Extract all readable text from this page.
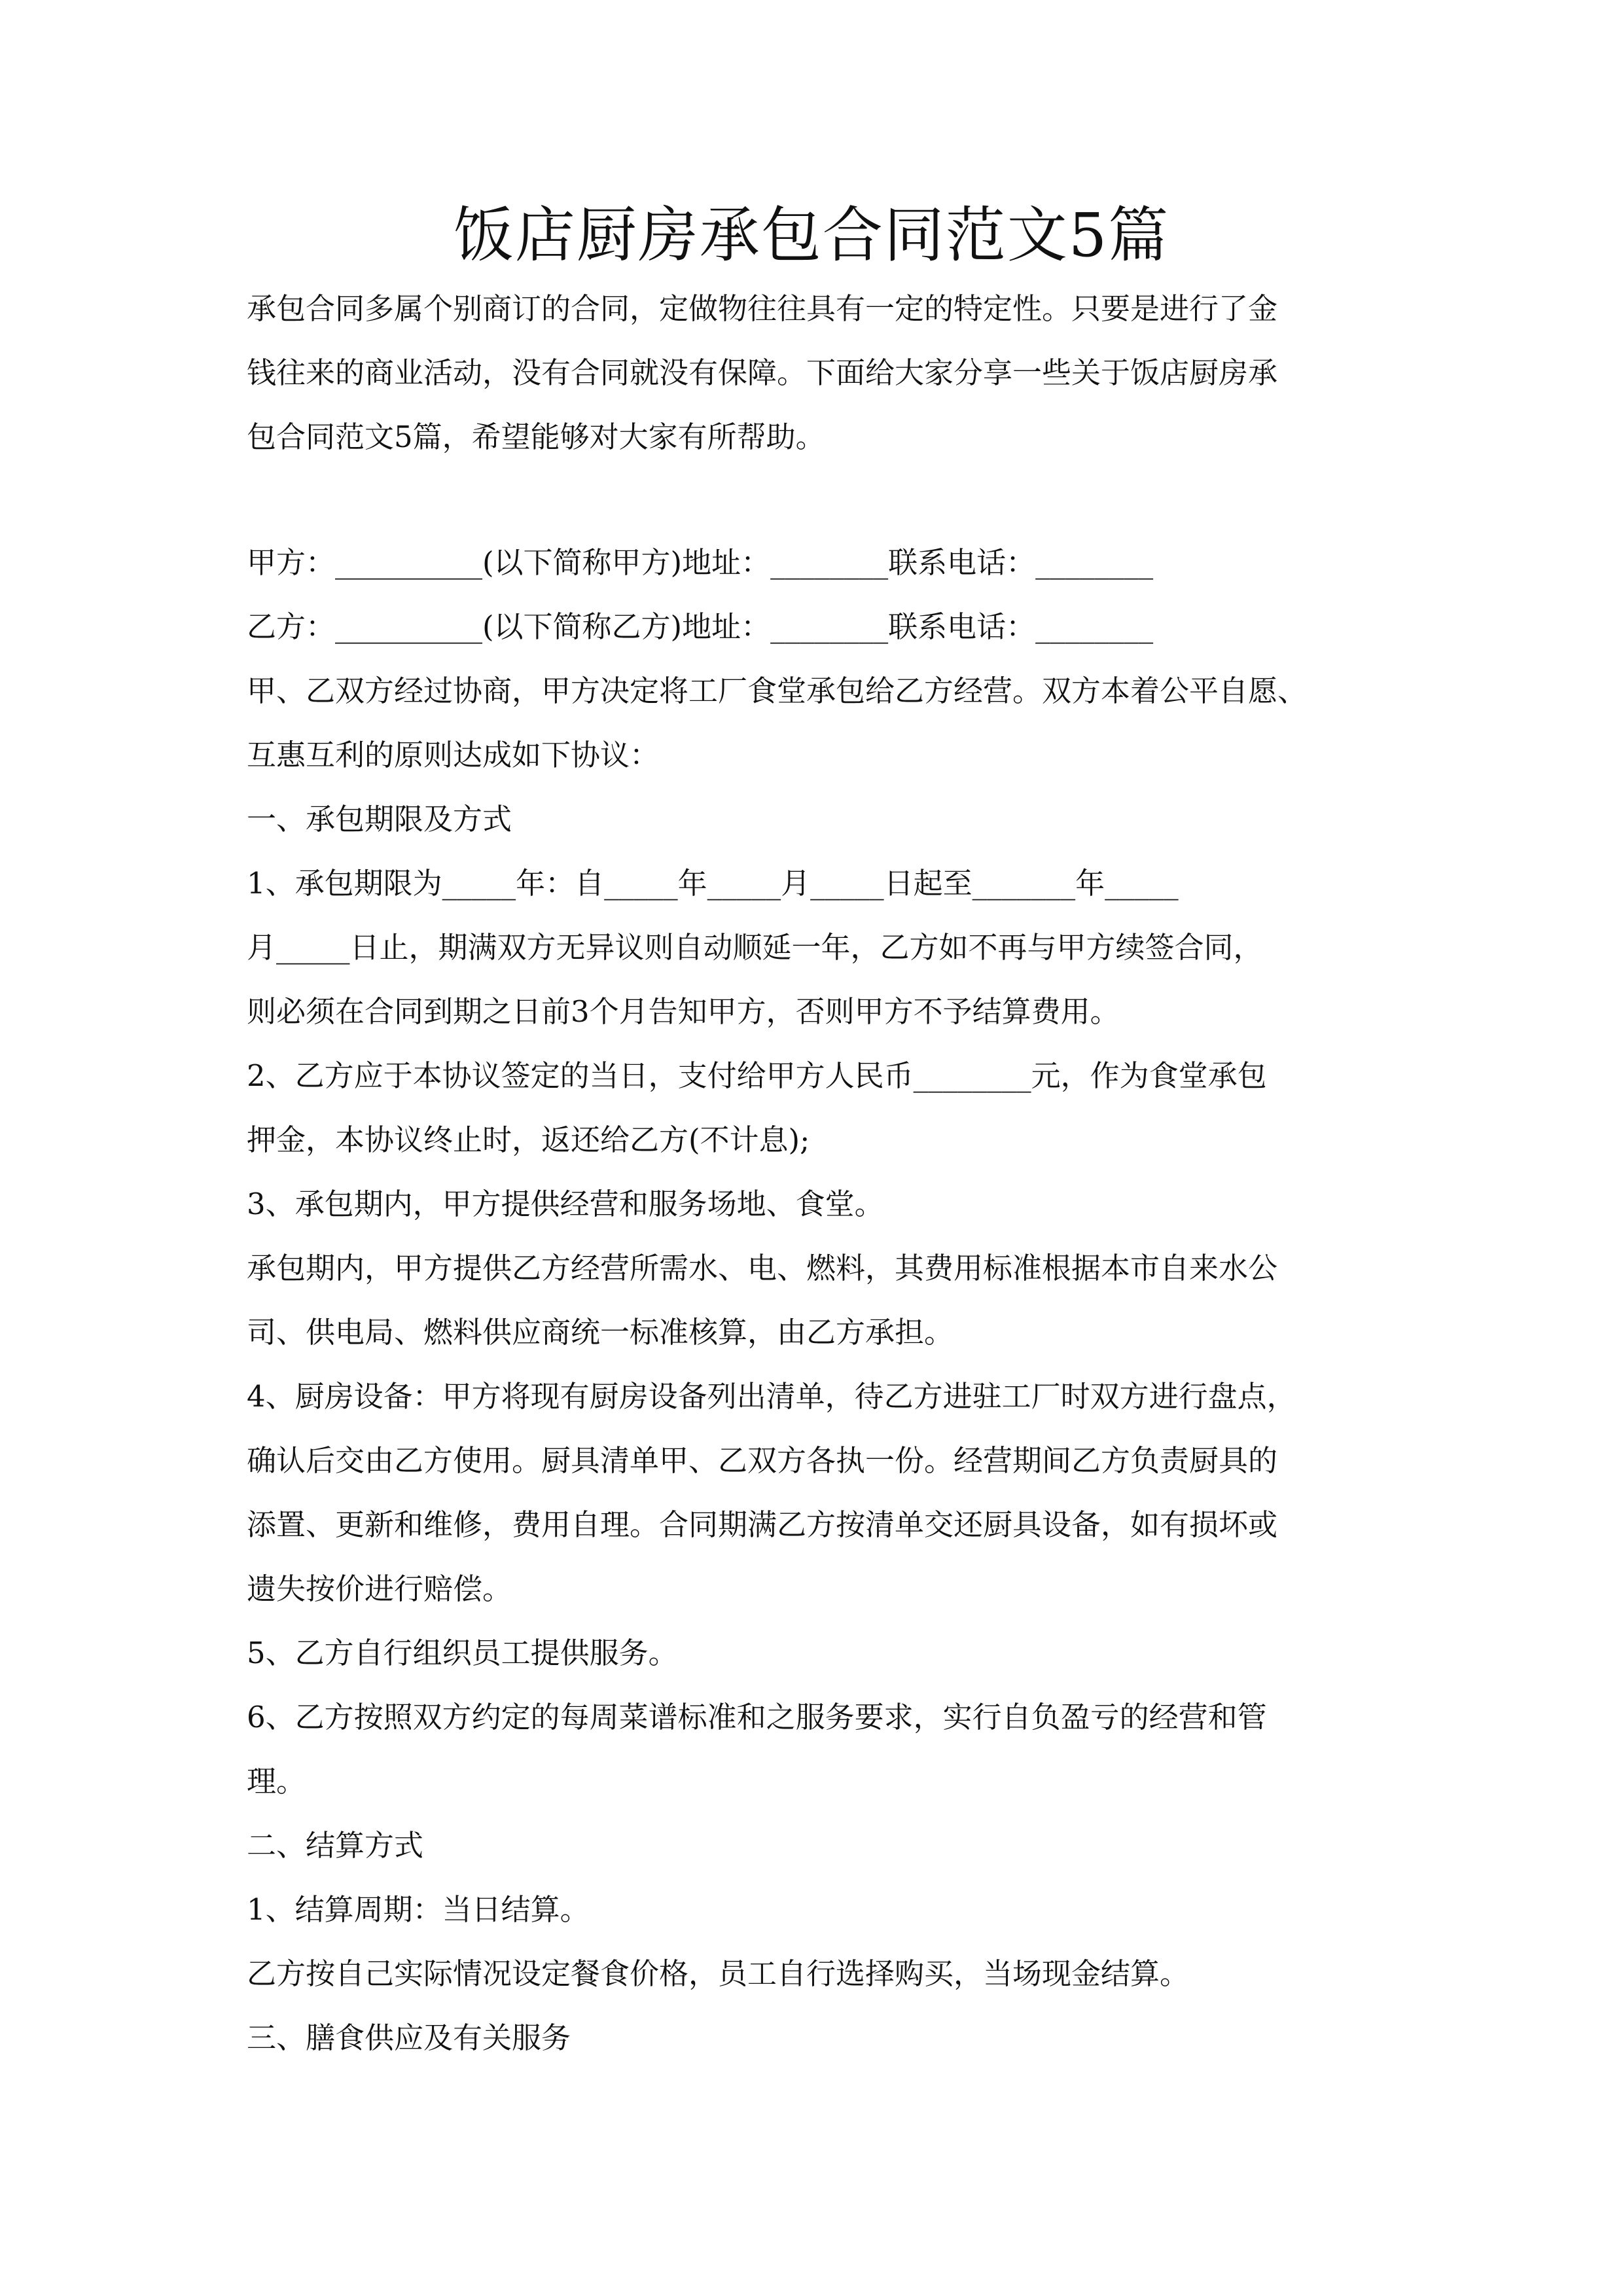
饭店厨房承包合同范文5篇
承包合同多属个别商订的合同，定做物往往具有一定的特定性。只要是进行了金
钱往来的商业活动，没有合同就没有保障。下面给大家分享一些关于饭店厨房承
包合同范文5篇，希望能够对大家有所帮助。
甲方：__________(以下简称甲方)地址：________联系电话：________
乙方：__________(以下简称乙方)地址：________联系电话：________
甲、乙双方经过协商，甲方决定将工厂食堂承包给乙方经营。双方本着公平自愿、
互惠互利的原则达成如下协议：
一、承包期限及方式
1、承包期限为_____年：自_____年_____月_____日起至_______年_____
月_____日止，期满双方无异议则自动顺延一年，乙方如不再与甲方续签合同，
则必须在合同到期之日前3个月告知甲方，否则甲方不予结算费用。
2、乙方应于本协议签定的当日，支付给甲方人民币________元，作为食堂承包
押金，本协议终止时，返还给乙方(不计息);
3、承包期内，甲方提供经营和服务场地、食堂。
承包期内，甲方提供乙方经营所需水、电、燃料，其费用标准根据本市自来水公
司、供电局、燃料供应商统一标准核算，由乙方承担。
4、厨房设备：甲方将现有厨房设备列出清单，待乙方进驻工厂时双方进行盘点，
确认后交由乙方使用。厨具清单甲、乙双方各执一份。经营期间乙方负责厨具的
添置、更新和维修，费用自理。合同期满乙方按清单交还厨具设备，如有损坏或
遗失按价进行赔偿。
5、乙方自行组织员工提供服务。
6、乙方按照双方约定的每周菜谱标准和之服务要求，实行自负盈亏的经营和管
理。
二、结算方式
1、结算周期：当日结算。
乙方按自己实际情况设定餐食价格，员工自行选择购买，当场现金结算。
三、膳食供应及有关服务
